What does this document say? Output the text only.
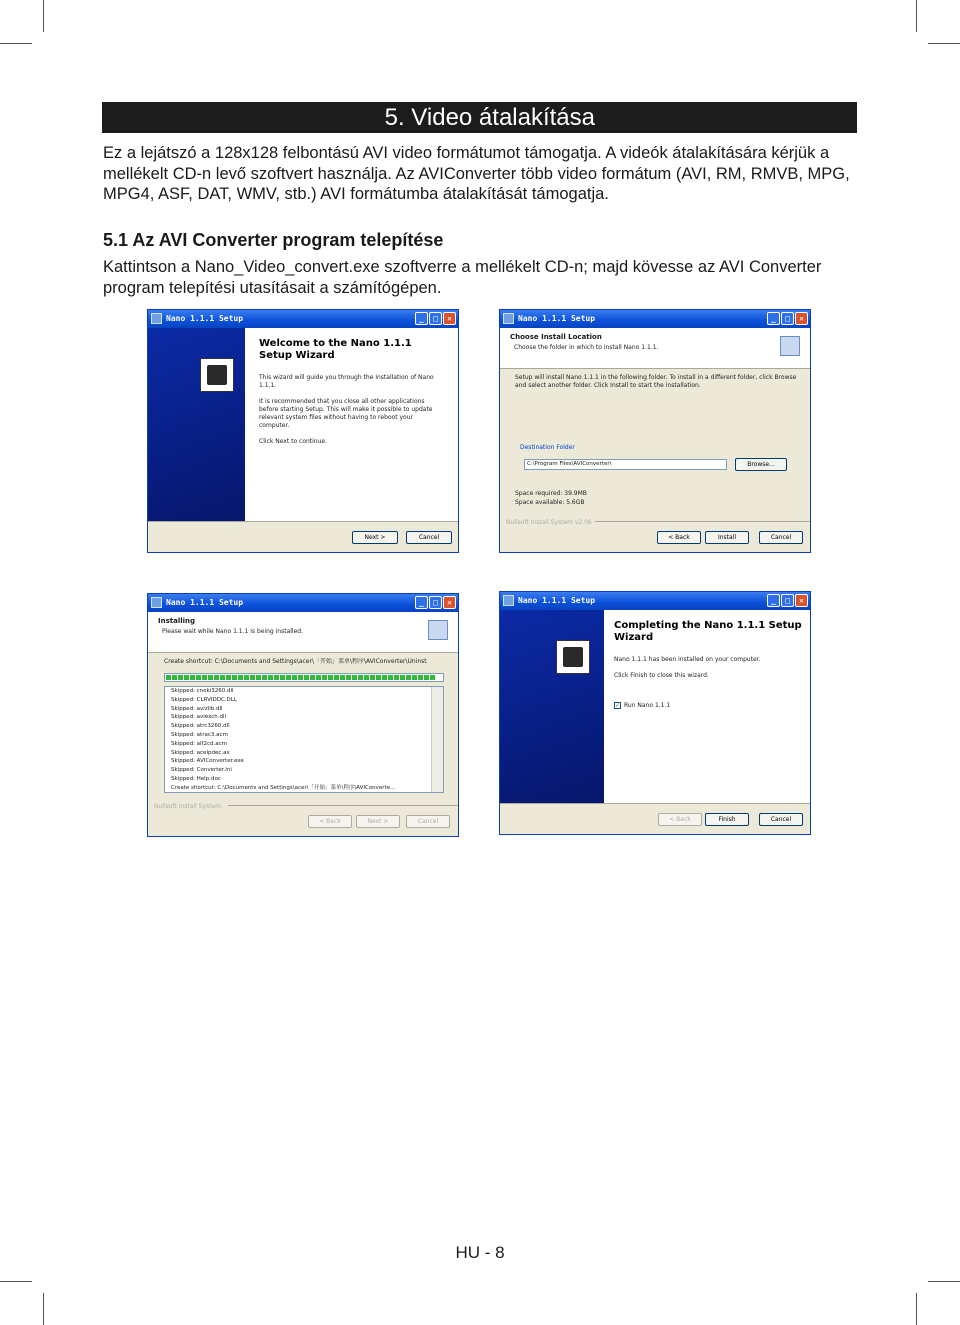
5. Video átalakítása

Ez a lejátszó a 128x128 felbontású AVI video formátumot támogatja. A videók átalakítására kérjük a mellékelt CD-n levő szoftvert használja. Az AVIConverter több video formátum (AVI, RM, RMVB, MPG, MPG4, ASF, DAT, WMV, stb.) AVI formátumba átalakítását támogatja.

5.1 Az AVI Converter program telepítése

Kattintson a Nano_Video_convert.exe szoftverre a mellékelt CD-n; majd kövesse az AVI Converter program telepítési utasításait a számítógépen.

Nano 1.1.1 Setup	_	□	✕
Welcome to the Nano 1.1.1 Setup Wizard
This wizard will guide you through the installation of Nano 1.1.1.
It is recommended that you close all other applications before starting Setup. This will make it possible to update relevant system files without having to reboot your computer.
Click Next to continue.
Next >	Cancel
Nano 1.1.1 Setup	_	□	✕
Choose Install Location
Choose the folder in which to install Nano 1.1.1.
Setup will install Nano 1.1.1 in the following folder. To install in a different folder, click Browse and select another folder. Click Install to start the installation.
Destination Folder
C:\Program Files\AVIConverter\	Browse...
Space required: 39.9MB
Space available: 5.6GB
Nullsoft Install System v2.06
< Back	Install	Cancel
Nano 1.1.1 Setup	_	□	✕
Installing
Please wait while Nano 1.1.1 is being installed.
Create shortcut: C:\Documents and Settings\acer\「开始」菜单\程序\AVIConverter\Uninst
Skipped: cnoki3260.dll
Skipped: CLRVIDDC.DLL
Skipped: avizlib.dll
Skipped: aviexch.dll
Skipped: atrc3260.dll
Skipped: atrac3.acm
Skipped: alf2cd.acm
Skipped: acelpdec.ax
Skipped: AVIConverter.exe
Skipped: Converter.ini
Skipped: Help.doc
Create shortcut: C:\Documents and Settings\acer\「开始」菜单\程序\AVIConverte...
Nullsoft Install System
< Back	Next >	Cancel
Nano 1.1.1 Setup	_	□	✕
Completing the Nano 1.1.1 Setup Wizard
Nano 1.1.1 has been installed on your computer.
Click Finish to close this wizard.
✓ Run Nano 1.1.1
< Back	Finish	Cancel
HU - 8
